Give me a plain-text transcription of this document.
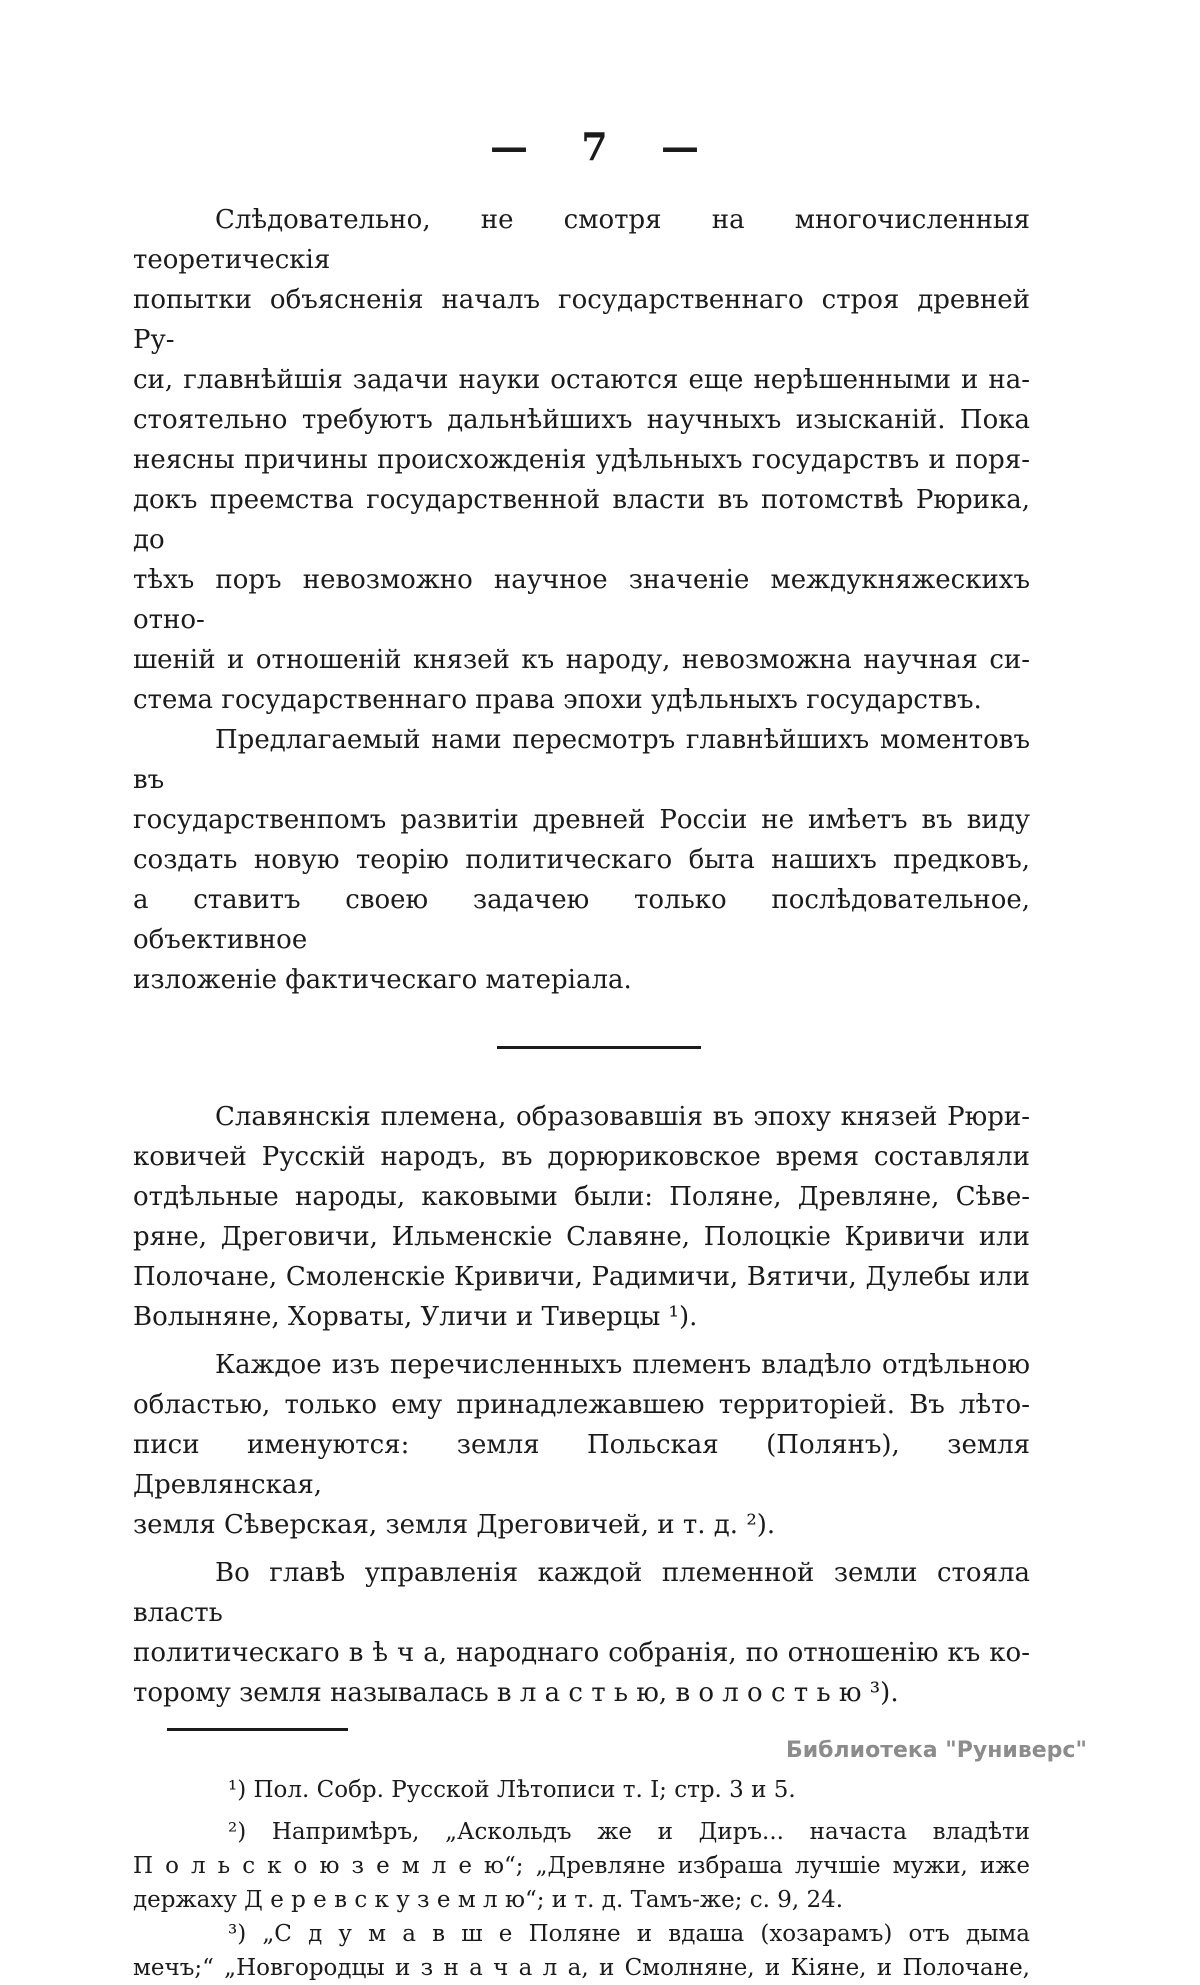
— 7 —
Слѣдовательно, не смотря на многочисленныя теоретическія
попытки объясненія началъ государственнаго строя древней Ру-
си, главнѣйшія задачи науки остаются еще нерѣшенными и на-
стоятельно требуютъ дальнѣйшихъ научныхъ изысканій. Пока
неясны причины происхожденія удѣльныхъ государствъ и поря-
докъ преемства государственной власти въ потомствѣ Рюрика, до
тѣхъ поръ невозможно научное значеніе междукняжескихъ отно-
шеній и отношеній князей къ народу, невозможна научная си-
стема государственнаго права эпохи удѣльныхъ государствъ.
Предлагаемый нами пересмотръ главнѣйшихъ моментовъ въ
государственпомъ развитіи древней Россіи не имѣетъ въ виду
создать новую теорію политическаго быта нашихъ предковъ,
а ставитъ своею задачею только послѣдовательное, объективное
изложеніе фактическаго матеріала.
Славянскія племена, образовавшія въ эпоху князей Рюри-
ковичей Русскій народъ, въ дорюриковское время составляли
отдѣльные народы, каковыми были: Поляне, Древляне, Сѣве-
ряне, Дреговичи, Ильменскіе Славяне, Полоцкіе Кривичи или
Полочане, Смоленскіе Кривичи, Радимичи, Вятичи, Дулебы или
Волыняне, Хорваты, Уличи и Тиверцы ¹).
Каждое изъ перечисленныхъ племенъ владѣло отдѣльною
областью, только ему принадлежавшею территоріей. Въ лѣто-
писи именуются: земля Польская (Полянъ), земля Древлянская,
земля Сѣверская, земля Дреговичей, и т. д. ²).
Во главѣ управленія каждой племенной земли стояла власть
политическаго в ѣ ч а, народнаго собранія, по отношенію къ ко-
торому земля называлась в л а с т ь ю, в о л о с т ь ю ³).
¹) Пол. Собр. Русской Лѣтописи т. I; стр. 3 и 5.
²) Напримѣръ, „Аскольдъ же и Диръ... начаста владѣти
П о л ь с к о ю з е м л е ю“; „Древляне избраша лучшіе мужи, иже
держаху Д е р е в с к у з е м л ю“; и т. д. Тамъ-же; с. 9, 24.
³) „С д у м а в ш е Поляне и вдаша (хозарамъ) отъ дыма
мечъ;“ „Новгородцы и з н а ч а л а, и Смолняне, и Кіяне, и Полочане,
Библиотека "Руниверс"
